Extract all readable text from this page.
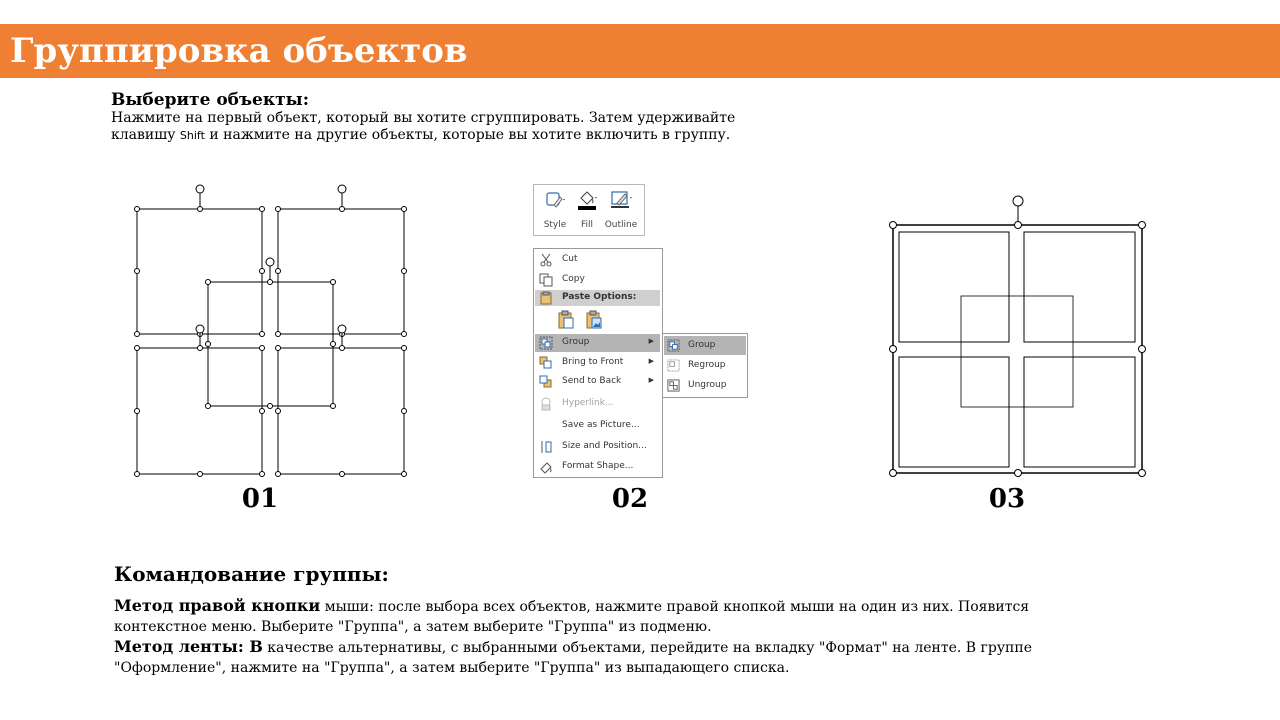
Группировка объектов
Выберите объекты:
Нажмите на первый объект, который вы хотите сгруппировать. Затем удерживайте клавишу Shift и нажмите на другие объекты, которые вы хотите включить в группу.
01
Style	Fill	Outline
Cut
Copy
Paste Options:
Group	▶
Bring to Front	▶
Send to Back	▶
Hyperlink...
Save as Picture...
Size and Position...
Format Shape...
Group
Regroup
Ungroup
02	03
Командование группы:
Метод правой кнопки мыши: после выбора всех объектов, нажмите правой кнопкой мыши на один из них. Появится контекстное меню. Выберите "Группа", а затем выберите "Группа" из подменю.
Метод ленты: В качестве альтернативы, с выбранными объектами, перейдите на вкладку "Формат" на ленте. В группе "Оформление", нажмите на "Группа", а затем выберите "Группа" из выпадающего списка.
